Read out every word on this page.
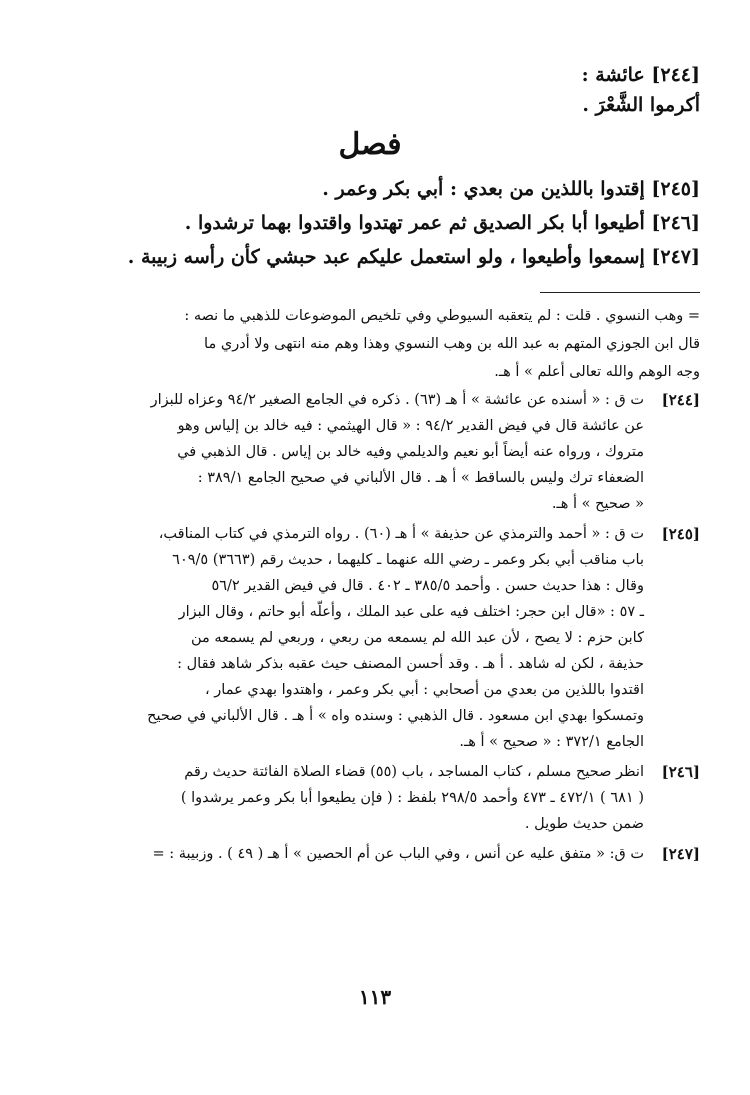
[٢٤٤] عائشة :

أكرموا الشَّعْرَ .

فصل

[٢٤٥] إقتدوا باللذين من بعدي : أبي بكر وعمر .

[٢٤٦] أطيعوا أبا بكر الصديق ثم عمر تهتدوا واقتدوا بهما ترشدوا .

[٢٤٧] إسمعوا وأطيعوا ، ولو استعمل عليكم عبد حبشي كأن رأسه زبيبة .

= وهب النسوي . قلت : لم يتعقبه السيوطي وفي تلخيص الموضوعات للذهبي ما نصه :

قال ابن الجوزي المتهم به عبد الله بن وهب النسوي وهذا وهم منه انتهى ولا أدري ما

وجه الوهم والله تعالى أعلم » أ هـ.

[٢٤٤]

ت ق : « أسنده عن عائشة » أ هـ (٦٣) . ذكره في الجامع الصغير ٩٤/٢ وعزاه للبزار

عن عائشة قال في فيض القدير ٩٤/٢ : « قال الهيثمي : فيه خالد بن إلياس وهو

متروك ، ورواه عنه أيضاً أبو نعيم والديلمي وفيه خالد بن إياس . قال الذهبي في

الضعفاء ترك وليس بالساقط » أ هـ . قال الألباني في صحيح الجامع ٣٨٩/١ :

« صحيح » أ هـ.

[٢٤٥]

ت ق : « أحمد والترمذي عن حذيفة » أ هـ (٦٠) . رواه الترمذي في كتاب المناقب،

باب مناقب أبي بكر وعمر ـ رضي الله عنهما ـ كليهما ، حديث رقم (٣٦٦٣) ٦٠٩/٥

وقال : هذا حديث حسن . وأحمد ٣٨٥/٥ ـ ٤٠٢ . قال في فيض القدير ٥٦/٢

ـ ٥٧ : «قال ابن حجر: اختلف فيه على عبد الملك ، وأعلّه أبو حاتم ، وقال البزار

كابن حزم : لا يصح ، لأن عبد الله لم يسمعه من ربعي ، وربعي لم يسمعه من

حذيفة ، لكن له شاهد . أ هـ . وقد أحسن المصنف حيث عقبه بذكر شاهد فقال :

اقتدوا باللذين من بعدي من أصحابي : أبي بكر وعمر ، واهتدوا بهدي عمار ،

وتمسكوا بهدي ابن مسعود . قال الذهبي : وسنده واه » أ هـ . قال الألباني في صحيح

الجامع ٣٧٢/١ : « صحيح » أ هـ.

[٢٤٦]

انظر صحيح مسلم ، كتاب المساجد ، باب (٥٥) قضاء الصلاة الفائتة حديث رقم

( ٦٨١ ) ٤٧٢/١ ـ ٤٧٣ وأحمد ٢٩٨/٥ بلفظ : ( فإن يطيعوا أبا بكر وعمر يرشدوا )

ضمن حديث طويل .

[٢٤٧]

ت ق: « متفق عليه عن أنس ، وفي الباب عن أم الحصين » أ هـ ( ٤٩ ) . وزبيبة : =

١١٣
